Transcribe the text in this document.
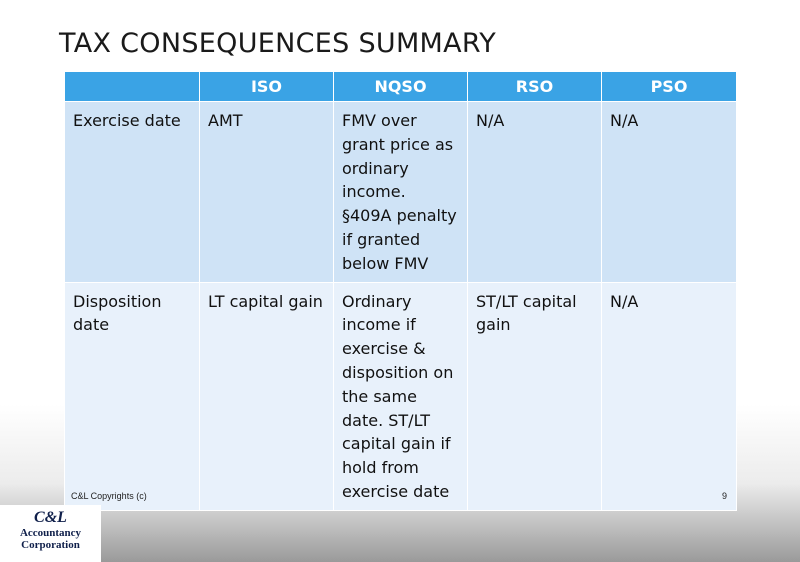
TAX CONSEQUENCES SUMMARY
	ISO	NQSO	RSO	PSO
Exercise date	AMT	FMV over grant price as ordinary income. §409A penalty if granted below FMV	N/A	N/A
Disposition date	LT capital gain	Ordinary income if exercise & disposition on the same date. ST/LT capital gain if hold from exercise date	ST/LT capital gain	N/A
C&L Copyrights (c)	9
C&L
Accountancy
Corporation
